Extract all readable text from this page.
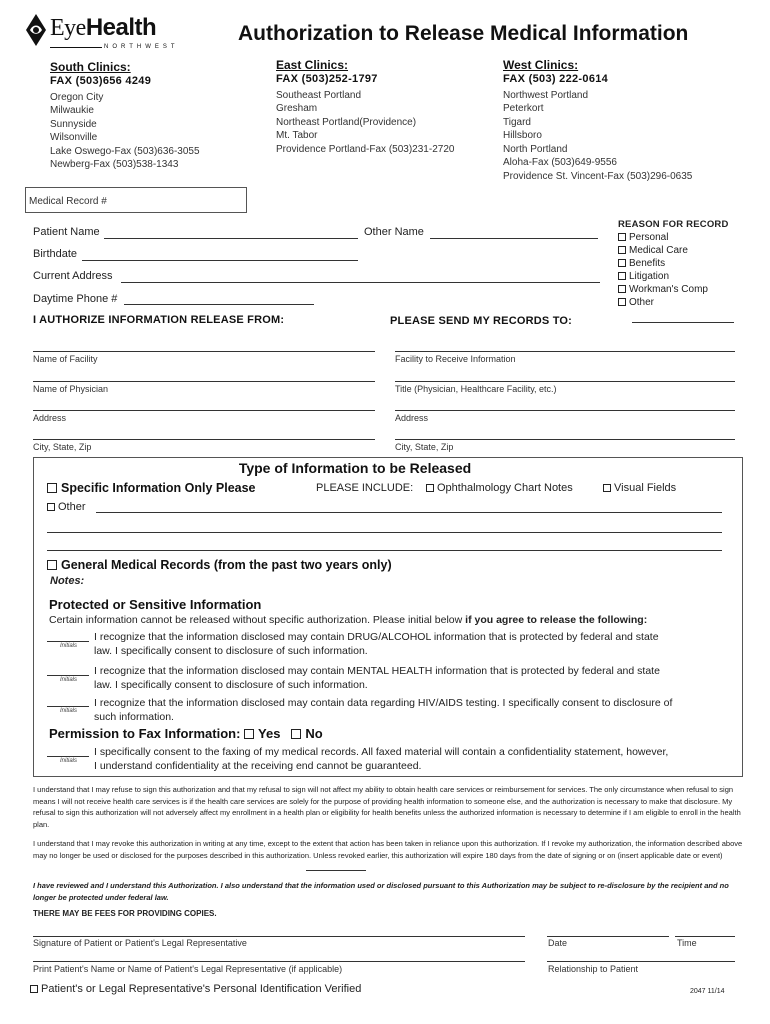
EyeHealth
NORTHWEST
Authorization to Release Medical Information
South Clinics:
FAX (503)656 4249
Oregon City
Milwaukie
Sunnyside
Wilsonville
Lake Oswego-Fax (503)636-3055
Newberg-Fax (503)538-1343
East Clinics:
FAX (503)252-1797
Southeast Portland
Gresham
Northeast Portland(Providence)
Mt. Tabor
Providence Portland-Fax (503)231-2720
West Clinics:
FAX (503) 222-0614
Northwest Portland
Peterkort
Tigard
Hillsboro
North Portland
Aloha-Fax (503)649-9556
Providence St. Vincent-Fax (503)296-0635
Medical Record #
Patient Name	Other Name
Birthdate
Current Address
Daytime Phone #
REASON FOR RECORD
Personal
Medical Care
Benefits
Litigation
Workman's Comp
Other
I AUTHORIZE INFORMATION RELEASE FROM:	PLEASE SEND MY RECORDS TO:
Name of Facility
Name of Physician
Address
City, State, Zip
Facility to Receive Information
Title (Physician, Healthcare Facility, etc.)
Address
City, State, Zip
Type of Information to be Released
Specific Information Only Please	PLEASE INCLUDE:	Ophthalmology Chart Notes	Visual Fields
Other
General Medical Records (from the past two years only)
Notes:
Protected or Sensitive Information
Certain information cannot be released without specific authorization. Please initial below if you agree to release the following:
Initials
I recognize that the information disclosed may contain DRUG/ALCOHOL information that is protected by federal and state
law. I specifically consent to disclosure of such information.
Initials
I recognize that the information disclosed may contain MENTAL HEALTH information that is protected by federal and state
law. I specifically consent to disclosure of such information.
Initials
I recognize that the information disclosed may contain data regarding HIV/AIDS testing. I specifically consent to disclosure of
such information.
Permission to Fax Information: Yes No
Initials
I specifically consent to the faxing of my medical records. All faxed material will contain a confidentiality statement, however,
I understand confidentiality at the receiving end cannot be guaranteed.
I understand that I may refuse to sign this authorization and that my refusal to sign will not affect my ability to obtain health care services or reimbursement for services. The only circumstance when refusal to sign means I will not receive health care services is if the health care services are solely for the purpose of providing health information to someone else, and the authorization is necessary to make that disclosure. My refusal to sign this authorization will not adversely affect my enrollment in a health plan or eligibility for health benefits unless the authorized information is necessary to determine if I am eligible to enroll in the health plan.
I understand that I may revoke this authorization in writing at any time, except to the extent that action has been taken in reliance upon this authorization. If I revoke my authorization, the information described above may no longer be used or disclosed for the purposes described in this authorization. Unless revoked earlier, this authorization will expire 180 days from the date of signing or on (insert applicable date or event)
I have reviewed and I understand this Authorization. I also understand that the information used or disclosed pursuant to this Authorization may be subject to re-disclosure by the recipient and no longer be protected under federal law.
THERE MAY BE FEES FOR PROVIDING COPIES.
Signature of Patient or Patient's Legal Representative	Date	Time
Print Patient's Name or Name of Patient's Legal Representative (if applicable)	Relationship to Patient
Patient's or Legal Representative's Personal Identification Verified	2047 11/14
